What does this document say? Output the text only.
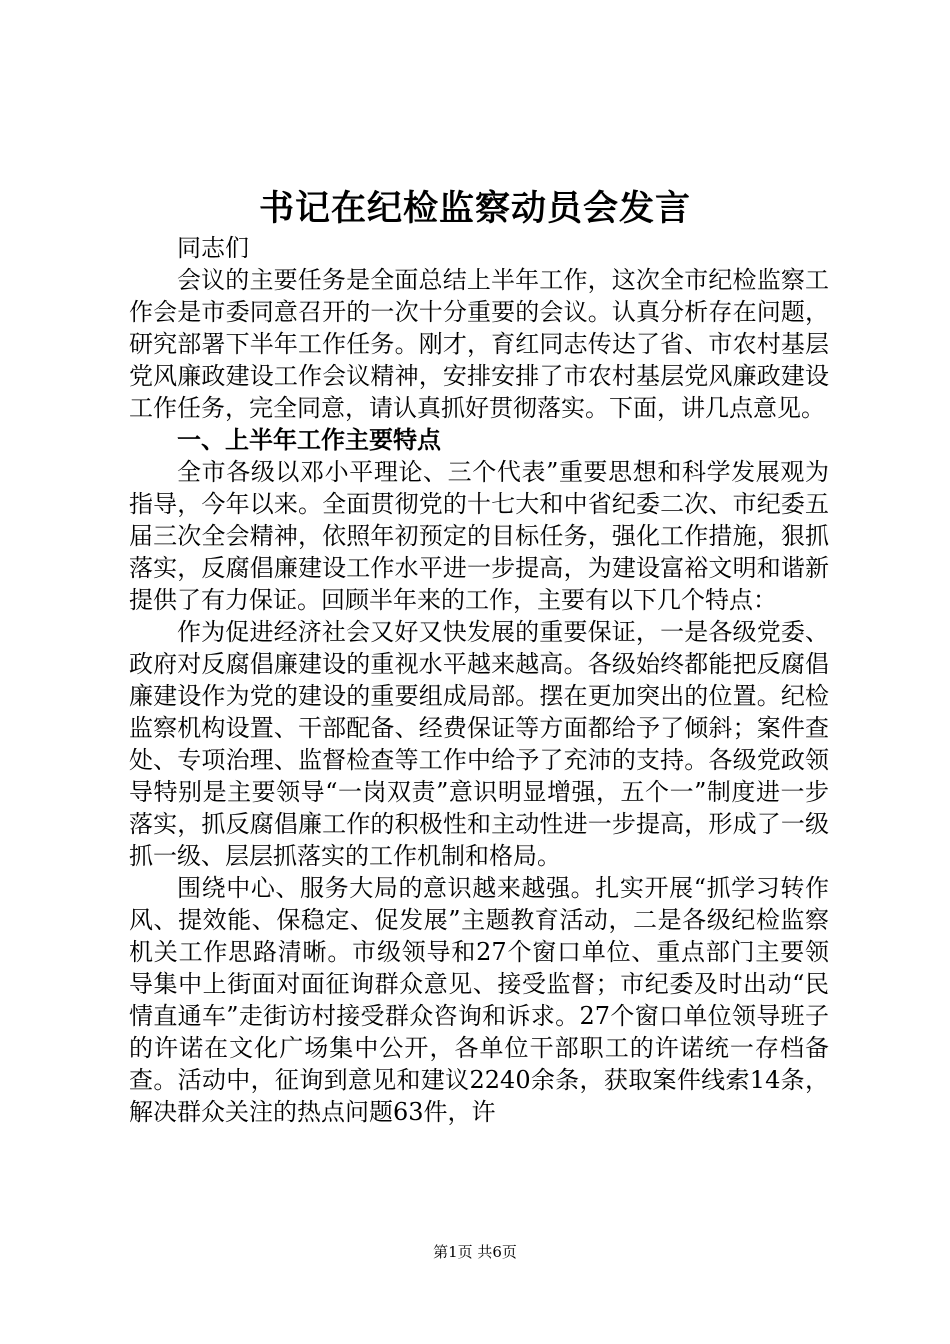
书记在纪检监察动员会发言

同志们

会议的主要任务是全面总结上半年工作，这次全市纪检监察工作会是市委同意召开的一次十分重要的会议。认真分析存在问题，研究部署下半年工作任务。刚才，育红同志传达了省、市农村基层党风廉政建设工作会议精神，安排安排了市农村基层党风廉政建设工作任务，完全同意，请认真抓好贯彻落实。下面，讲几点意见。

一、上半年工作主要特点

全市各级以邓小平理论、三个代表”重要思想和科学发展观为指导，今年以来。全面贯彻党的十七大和中省纪委二次、市纪委五届三次全会精神，依照年初预定的目标任务，强化工作措施，狠抓落实，反腐倡廉建设工作水平进一步提高，为建设富裕文明和谐新提供了有力保证。回顾半年来的工作，主要有以下几个特点：

作为促进经济社会又好又快发展的重要保证，一是各级党委、政府对反腐倡廉建设的重视水平越来越高。各级始终都能把反腐倡廉建设作为党的建设的重要组成局部。摆在更加突出的位置。纪检监察机构设置、干部配备、经费保证等方面都给予了倾斜；案件查处、专项治理、监督检查等工作中给予了充沛的支持。各级党政领导特别是主要领导“一岗双责”意识明显增强，五个一”制度进一步落实，抓反腐倡廉工作的积极性和主动性进一步提高，形成了一级抓一级、层层抓落实的工作机制和格局。

围绕中心、服务大局的意识越来越强。扎实开展“抓学习转作风、提效能、保稳定、促发展”主题教育活动，二是各级纪检监察机关工作思路清晰。市级领导和27个窗口单位、重点部门主要领导集中上街面对面征询群众意见、接受监督；市纪委及时出动“民情直通车”走街访村接受群众咨询和诉求。27个窗口单位领导班子的许诺在文化广场集中公开，各单位干部职工的许诺统一存档备查。活动中，征询到意见和建议2240余条，获取案件线索14条，解决群众关注的热点问题63件，许

第1页 共6页
